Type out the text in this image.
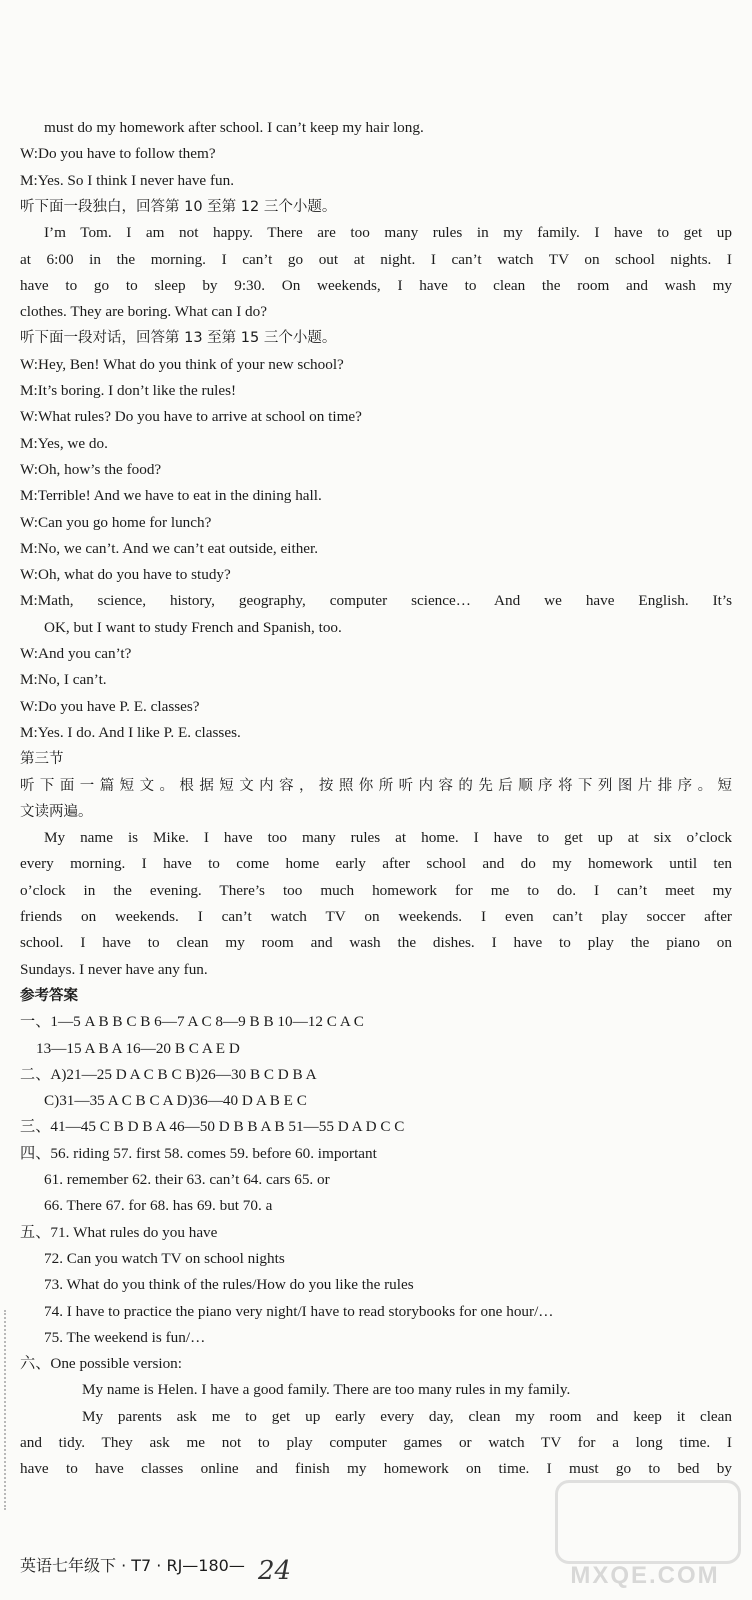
must do my homework after school. I can’t keep my hair long.
W:Do you have to follow them?
M:Yes. So I think I never have fun.
听下面一段独白，回答第 10 至第 12 三个小题。
I’m Tom. I am not happy. There are too many rules in my family. I have to get up
at 6:00 in the morning. I can’t go out at night. I can’t watch TV on school nights. I
have to go to sleep by 9:30. On weekends, I have to clean the room and wash my
clothes. They are boring. What can I do?
听下面一段对话，回答第 13 至第 15 三个小题。
W:Hey, Ben! What do you think of your new school?
M:It’s boring. I don’t like the rules!
W:What rules? Do you have to arrive at school on time?
M:Yes, we do.
W:Oh, how’s the food?
M:Terrible! And we have to eat in the dining hall.
W:Can you go home for lunch?
M:No, we can’t. And we can’t eat outside, either.
W:Oh, what do you have to study?
M:Math, science, history, geography, computer science… And we have English. It’s
OK, but I want to study French and Spanish, too.
W:And you can’t?
M:No, I can’t.
W:Do you have P. E. classes?
M:Yes. I do. And I like P. E. classes.
第三节
听下面一篇短文。根据短文内容，按照你所听内容的先后顺序将下列图片排序。短
文读两遍。
My name is Mike. I have too many rules at home. I have to get up at six o’clock
every morning. I have to come home early after school and do my homework until ten
o’clock in the evening. There’s too much homework for me to do. I can’t meet my
friends on weekends. I can’t watch TV on weekends. I even can’t play soccer after
school. I have to clean my room and wash the dishes. I have to play the piano on
Sundays. I never have any fun.
参考答案
一、1—5 A B B C B 6—7 A C 8—9 B B 10—12 C A C
13—15 A B A 16—20 B C A E D
二、A)21—25 D A C B C B)26—30 B C D B A
C)31—35 A C B C A D)36—40 D A B E C
三、41—45 C B D B A 46—50 D B B A B 51—55 D A D C C
四、56. riding 57. first 58. comes 59. before 60. important
61. remember 62. their 63. can’t 64. cars 65. or
66. There 67. for 68. has 69. but 70. a
五、71. What rules do you have
72. Can you watch TV on school nights
73. What do you think of the rules/How do you like the rules
74. I have to practice the piano very night/I have to read storybooks for one hour/…
75. The weekend is fun/…
六、One possible version:
My name is Helen. I have a good family. There are too many rules in my family.
My parents ask me to get up early every day, clean my room and keep it clean
and tidy. They ask me not to play computer games or watch TV for a long time. I
have to have classes online and finish my homework on time. I must go to bed by
英语七年级下 · T7 · RJ—180— 24	MXQE.COM
